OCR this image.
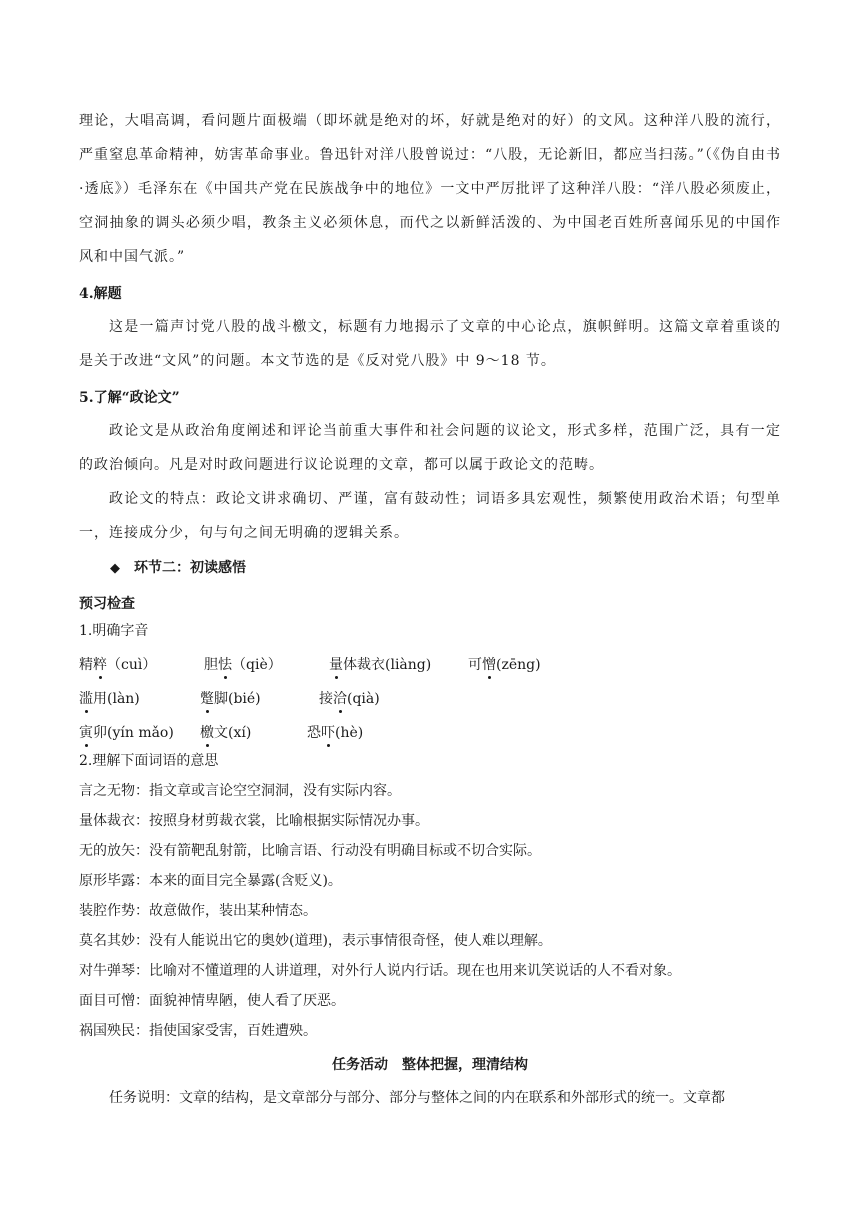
理论，大唱高调，看问题片面极端（即坏就是绝对的坏，好就是绝对的好）的文风。这种洋八股的流行，严重窒息革命精神，妨害革命事业。鲁迅针对洋八股曾说过：“八股，无论新旧，都应当扫荡。”（《伪自由书·透底》）毛泽东在《中国共产党在民族战争中的地位》一文中严厉批评了这种洋八股：“洋八股必须废止，空洞抽象的调头必须少唱，教条主义必须休息，而代之以新鲜活泼的、为中国老百姓所喜闻乐见的中国作风和中国气派。”

4.解题

这是一篇声讨党八股的战斗檄文，标题有力地揭示了文章的中心论点，旗帜鲜明。这篇文章着重谈的是关于改进“文风”的问题。本文节选的是《反对党八股》中 9～18 节。

5.了解“政论文”

政论文是从政治角度阐述和评论当前重大事件和社会问题的议论文，形式多样，范围广泛，具有一定的政治倾向。凡是对时政问题进行议论说理的文章，都可以属于政论文的范畴。

政论文的特点：政论文讲求确切、严谨，富有鼓动性；词语多具宏观性，频繁使用政治术语；句型单一，连接成分少，句与句之间无明确的逻辑关系。

◆ 环节二：初读感悟

预习检查

1.明确字音

精粹（cuì）	胆怯（qiè）	量体裁衣(liàng)	可憎(zēng)
滥用(làn)	蹩脚(bié)	接洽(qià)
寅卯(yín mǎo) 檄文(xí)	恐吓(hè)

2.理解下面词语的意思

言之无物：指文章或言论空空洞洞，没有实际内容。

量体裁衣：按照身材剪裁衣裳，比喻根据实际情况办事。

无的放矢：没有箭靶乱射箭，比喻言语、行动没有明确目标或不切合实际。

原形毕露：本来的面目完全暴露(含贬义)。

装腔作势：故意做作，装出某种情态。

莫名其妙：没有人能说出它的奥妙(道理)，表示事情很奇怪，使人难以理解。

对牛弹琴：比喻对不懂道理的人讲道理，对外行人说内行话。现在也用来讥笑说话的人不看对象。

面目可憎：面貌神情卑陋，使人看了厌恶。

祸国殃民：指使国家受害，百姓遭殃。

任务活动　整体把握，理清结构

任务说明：文章的结构，是文章部分与部分、部分与整体之间的内在联系和外部形式的统一。文章都
